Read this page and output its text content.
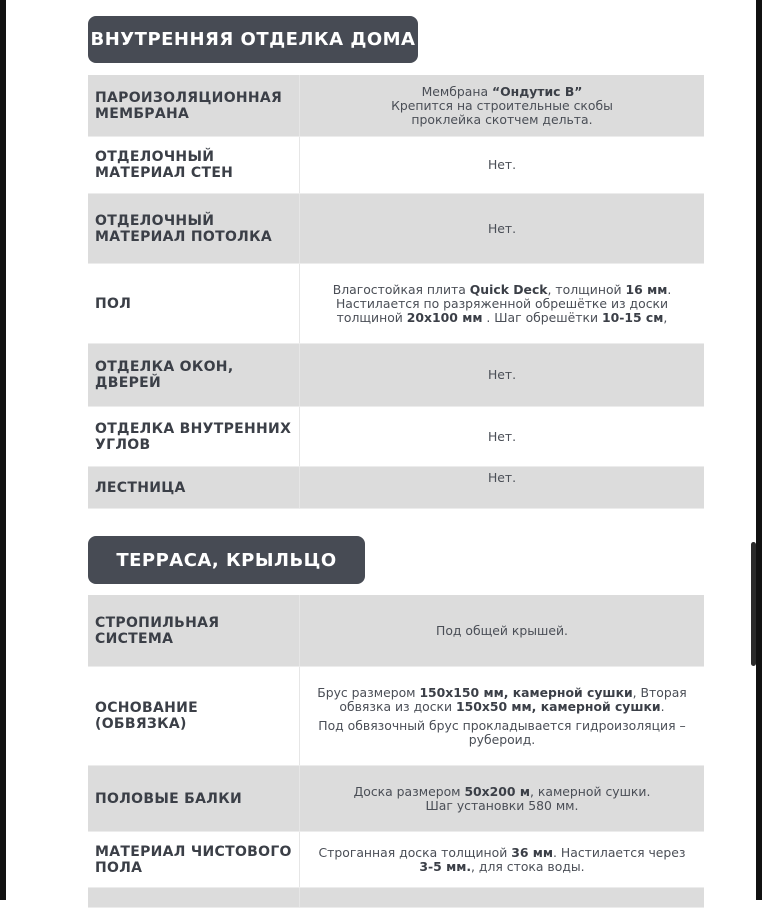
ВНУТРЕННЯЯ ОТДЕЛКА ДОМА
ПАРОИЗОЛЯЦИОННАЯ МЕМБРАНА

Мембрана “Ондутис В”

Крепится на строительные скобы

проклейка скотчем дельта.

ОТДЕЛОЧНЫЙ МАТЕРИАЛ СТЕН
Нет.
ОТДЕЛОЧНЫЙ МАТЕРИАЛ ПОТОЛКА
Нет.
ПОЛ

Влагостойкая плита Quick Deck, толщиной 16 мм. Настилается по разряженной обрешётке из доски толщиной 20х100 мм . Шаг обрешётки 10-15 см,

ОТДЕЛКА ОКОН, ДВЕРЕЙ
Нет.
ОТДЕЛКА ВНУТРЕННИХ УГЛОВ
Нет.
ЛЕСТНИЦА
Нет.
ТЕРРАСА, КРЫЛЬЦО
СТРОПИЛЬНАЯ СИСТЕМА
Под общей крышей.
ОСНОВАНИЕ (ОБВЯЗКА)

Брус размером 150х150 мм, камерной сушки, Вторая обвязка из доски 150х50 мм, камерной сушки.

Под обвязочный брус прокладывается гидроизоляция – рубероид.

ПОЛОВЫЕ БАЛКИ	Доска размером 50х200 м, камерной сушки.

Шаг установки 580 мм.

МАТЕРИАЛ ЧИСТОВОГО ПОЛА

Строганная доска толщиной 36 мм. Настилается через 3-5 мм., для стока воды.
